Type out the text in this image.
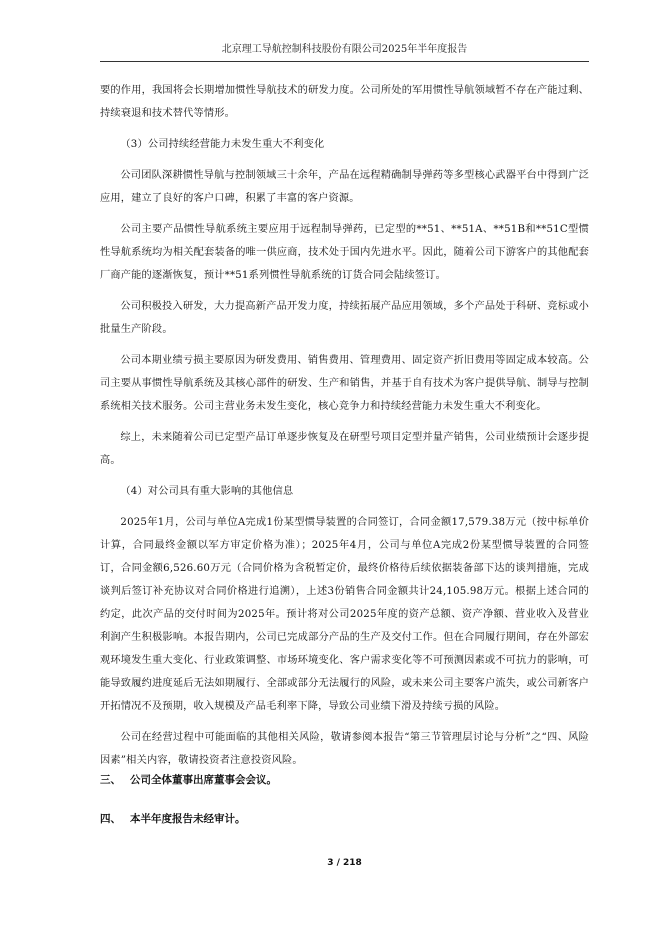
北京理工导航控制科技股份有限公司2025年半年度报告

要的作用，我国将会长期增加惯性导航技术的研发力度。公司所处的军用惯性导航领域暂不存在产能过剩、持续衰退和技术替代等情形。

（3）公司持续经营能力未发生重大不利变化

公司团队深耕惯性导航与控制领域三十余年，产品在远程精确制导弹药等多型核心武器平台中得到广泛应用，建立了良好的客户口碑，积累了丰富的客户资源。

公司主要产品惯性导航系统主要应用于远程制导弹药，已定型的**51、**51A、**51B和**51C型惯性导航系统均为相关配套装备的唯一供应商，技术处于国内先进水平。因此，随着公司下游客户的其他配套厂商产能的逐渐恢复，预计**51系列惯性导航系统的订货合同会陆续签订。

公司积极投入研发，大力提高新产品开发力度，持续拓展产品应用领域，多个产品处于科研、竞标或小批量生产阶段。

公司本期业绩亏损主要原因为研发费用、销售费用、管理费用、固定资产折旧费用等固定成本较高。公司主要从事惯性导航系统及其核心部件的研发、生产和销售，并基于自有技术为客户提供导航、制导与控制系统相关技术服务。公司主营业务未发生变化，核心竞争力和持续经营能力未发生重大不利变化。

综上，未来随着公司已定型产品订单逐步恢复及在研型号项目定型并量产销售，公司业绩预计会逐步提高。

（4）对公司具有重大影响的其他信息

2025年1月，公司与单位A完成1份某型惯导装置的合同签订，合同金额17,579.38万元（按中标单价计算，合同最终金额以军方审定价格为准）；2025年4月，公司与单位A完成2份某型惯导装置的合同签订，合同金额6,526.60万元（合同价格为含税暂定价，最终价格待后续依据装备部下达的谈判措施，完成谈判后签订补充协议对合同价格进行追溯），上述3份销售合同金额共计24,105.98万元。根据上述合同的约定，此次产品的交付时间为2025年。预计将对公司2025年度的资产总额、资产净额、营业收入及营业利润产生积极影响。本报告期内，公司已完成部分产品的生产及交付工作。但在合同履行期间，存在外部宏观环境发生重大变化、行业政策调整、市场环境变化、客户需求变化等不可预测因素或不可抗力的影响，可能导致履约进度延后无法如期履行、全部或部分无法履行的风险，或未来公司主要客户流失，或公司新客户开拓情况不及预期，收入规模及产品毛利率下降，导致公司业绩下滑及持续亏损的风险。

公司在经营过程中可能面临的其他相关风险，敬请参阅本报告“第三节管理层讨论与分析”之“四、风险因素”相关内容，敬请投资者注意投资风险。

三、 公司全体董事出席董事会会议。
四、 本半年度报告未经审计。
3 / 218
